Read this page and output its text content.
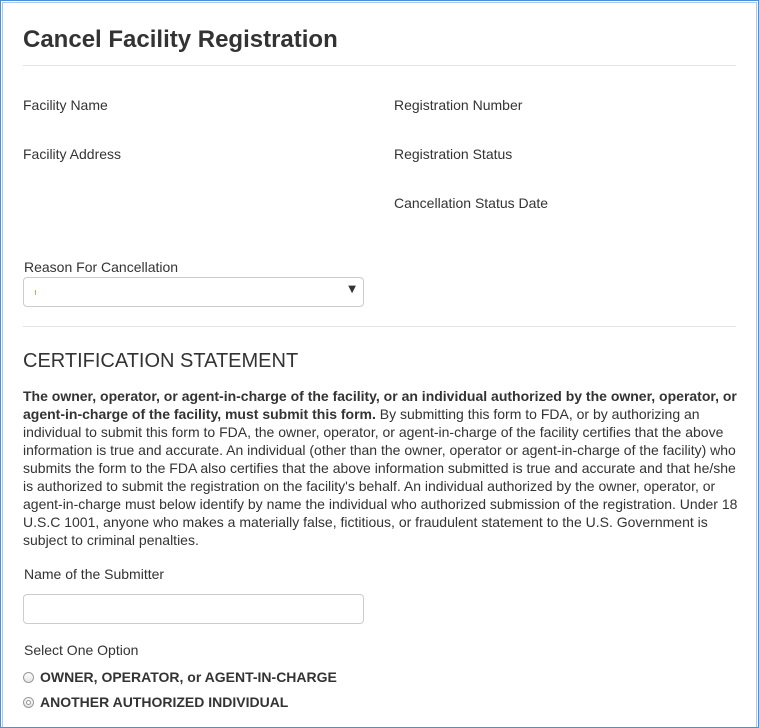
Cancel Facility Registration
Facility Name	Registration Number
Facility Address	Registration Status
Cancellation Status Date
Reason For Cancellation
▼
CERTIFICATION STATEMENT

The owner, operator, or agent-in-charge of the facility, or an individual authorized by the owner, operator, or agent-in-charge of the facility, must submit this form. By submitting this form to FDA, or by authorizing an individual to submit this form to FDA, the owner, operator, or agent-in-charge of the facility certifies that the above information is true and accurate. An individual (other than the owner, operator or agent-in-charge of the facility) who submits the form to the FDA also certifies that the above information submitted is true and accurate and that he/she is authorized to submit the registration on the facility's behalf. An individual authorized by the owner, operator, or agent-in-charge must below identify by name the individual who authorized submission of the registration. Under 18 U.S.C 1001, anyone who makes a materially false, fictitious, or fraudulent statement to the U.S. Government is subject to criminal penalties.

Name of the Submitter
Select One Option
OWNER, OPERATOR, or AGENT-IN-CHARGE
ANOTHER AUTHORIZED INDIVIDUAL
